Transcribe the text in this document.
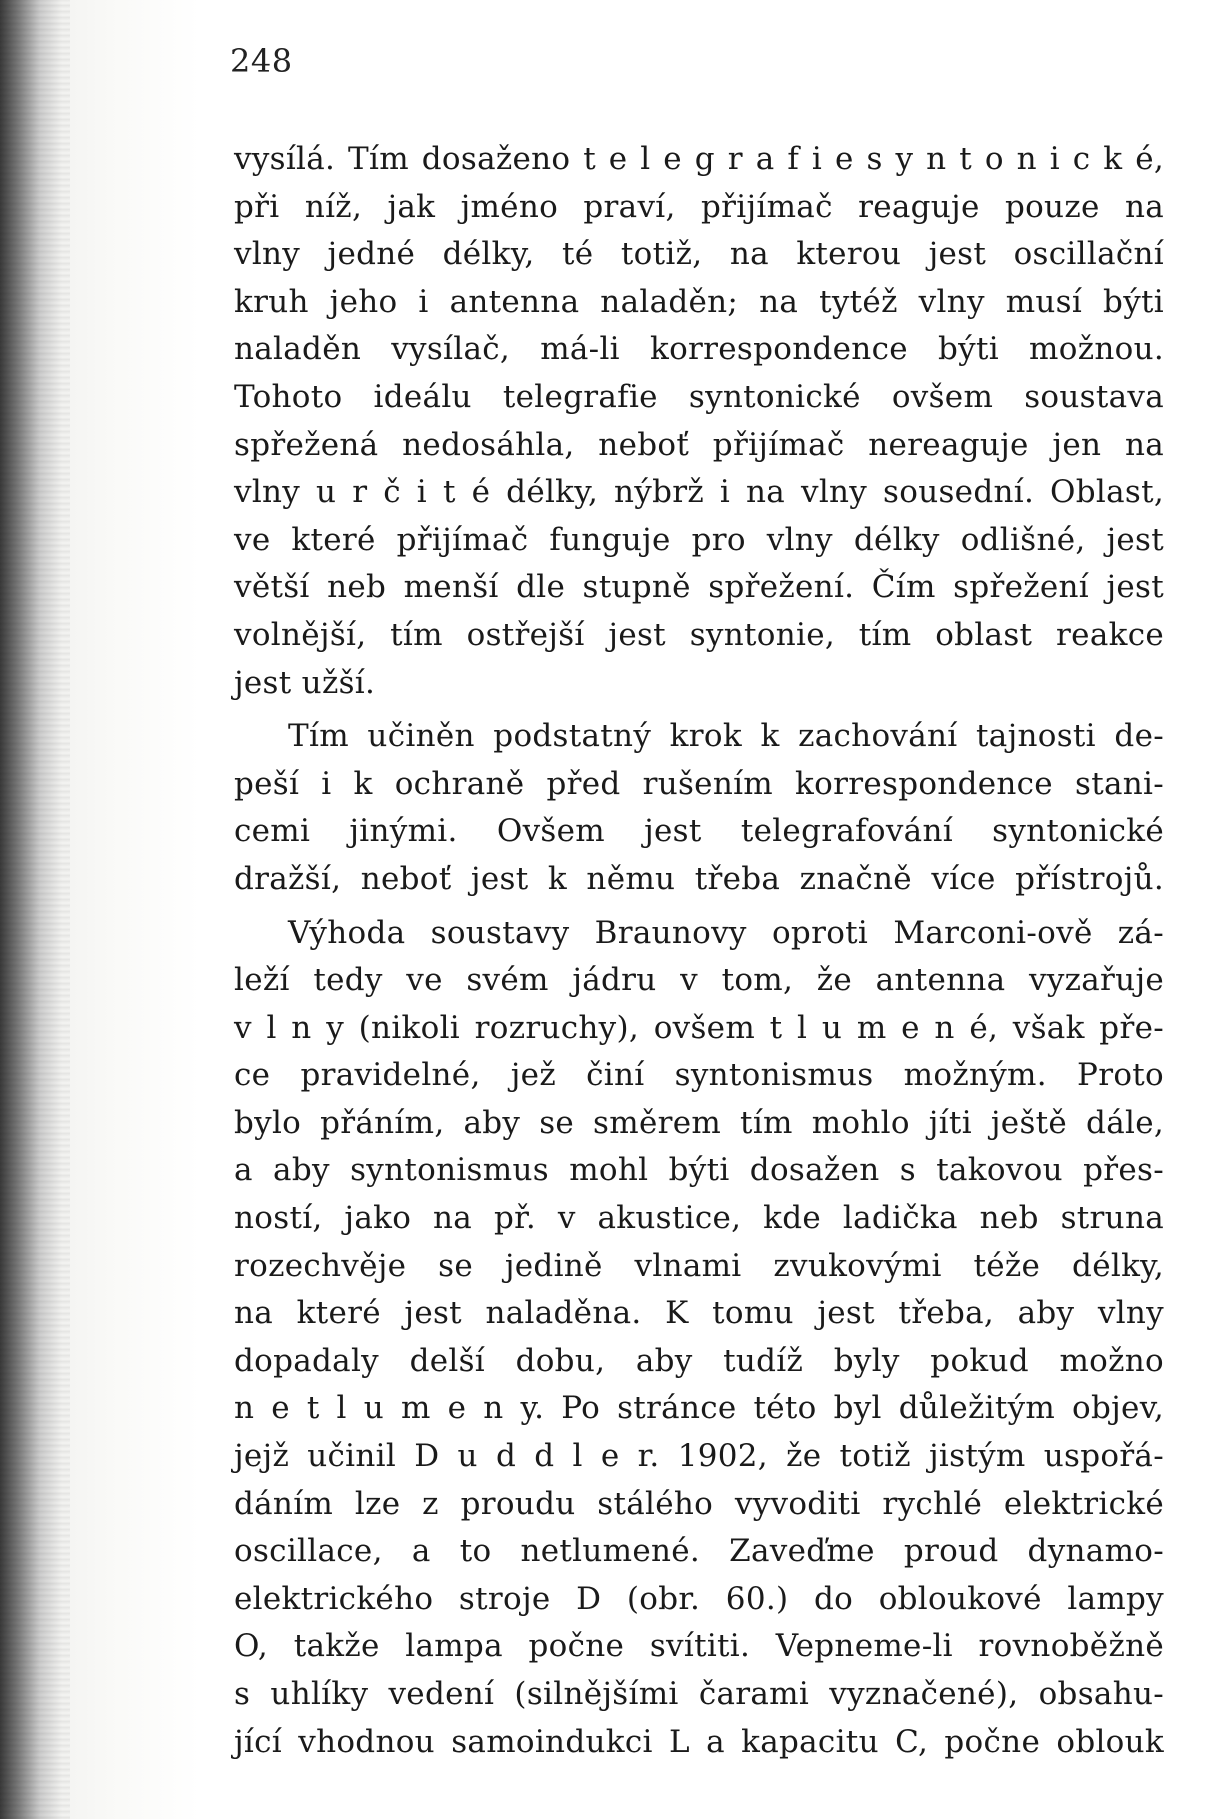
248
vysílá. Tím dosaženo t e l e g r a f i e s y n t o n i c k é,
při níž, jak jméno praví, přijímač reaguje pouze na
vlny jedné délky, té totiž, na kterou jest oscillační
kruh jeho i antenna naladěn; na tytéž vlny musí býti
naladěn vysílač, má-li korrespondence býti možnou.
Tohoto ideálu telegrafie syntonické ovšem soustava
spřežená nedosáhla, neboť přijímač nereaguje jen na
vlny u r č i t é délky, nýbrž i na vlny sousední. Oblast,
ve které přijímač funguje pro vlny délky odlišné, jest
větší neb menší dle stupně spřežení. Čím spřežení jest
volnější, tím ostřejší jest syntonie, tím oblast reakce
jest užší.
Tím učiněn podstatný krok k zachování tajnosti de-
peší i k ochraně před rušením korrespondence stani-
cemi jinými. Ovšem jest telegrafování syntonické
dražší, neboť jest k němu třeba značně více přístrojů.
Výhoda soustavy Braunovy oproti Marconi-ově zá-
leží tedy ve svém jádru v tom, že antenna vyzařuje
v l n y (nikoli rozruchy), ovšem t l u m e n é, však pře-
ce pravidelné, jež činí syntonismus možným. Proto
bylo přáním, aby se směrem tím mohlo jíti ještě dále,
a aby syntonismus mohl býti dosažen s takovou přes-
ností, jako na př. v akustice, kde ladička neb struna
rozechvěje se jedině vlnami zvukovými téže délky,
na které jest naladěna. K tomu jest třeba, aby vlny
dopadaly delší dobu, aby tudíž byly pokud možno
n e t l u m e n y. Po stránce této byl důležitým objev,
jejž učinil D u d d l e r. 1902, že totiž jistým uspořá-
dáním lze z proudu stálého vyvoditi rychlé elektrické
oscillace, a to netlumené. Zaveďme proud dynamo-
elektrického stroje D (obr. 60.) do obloukové lampy
O, takže lampa počne svítiti. Vepneme-li rovnoběžně
s uhlíky vedení (silnějšími čarami vyznačené), obsahu-
jící vhodnou samoindukci L a kapacitu C, počne oblouk
